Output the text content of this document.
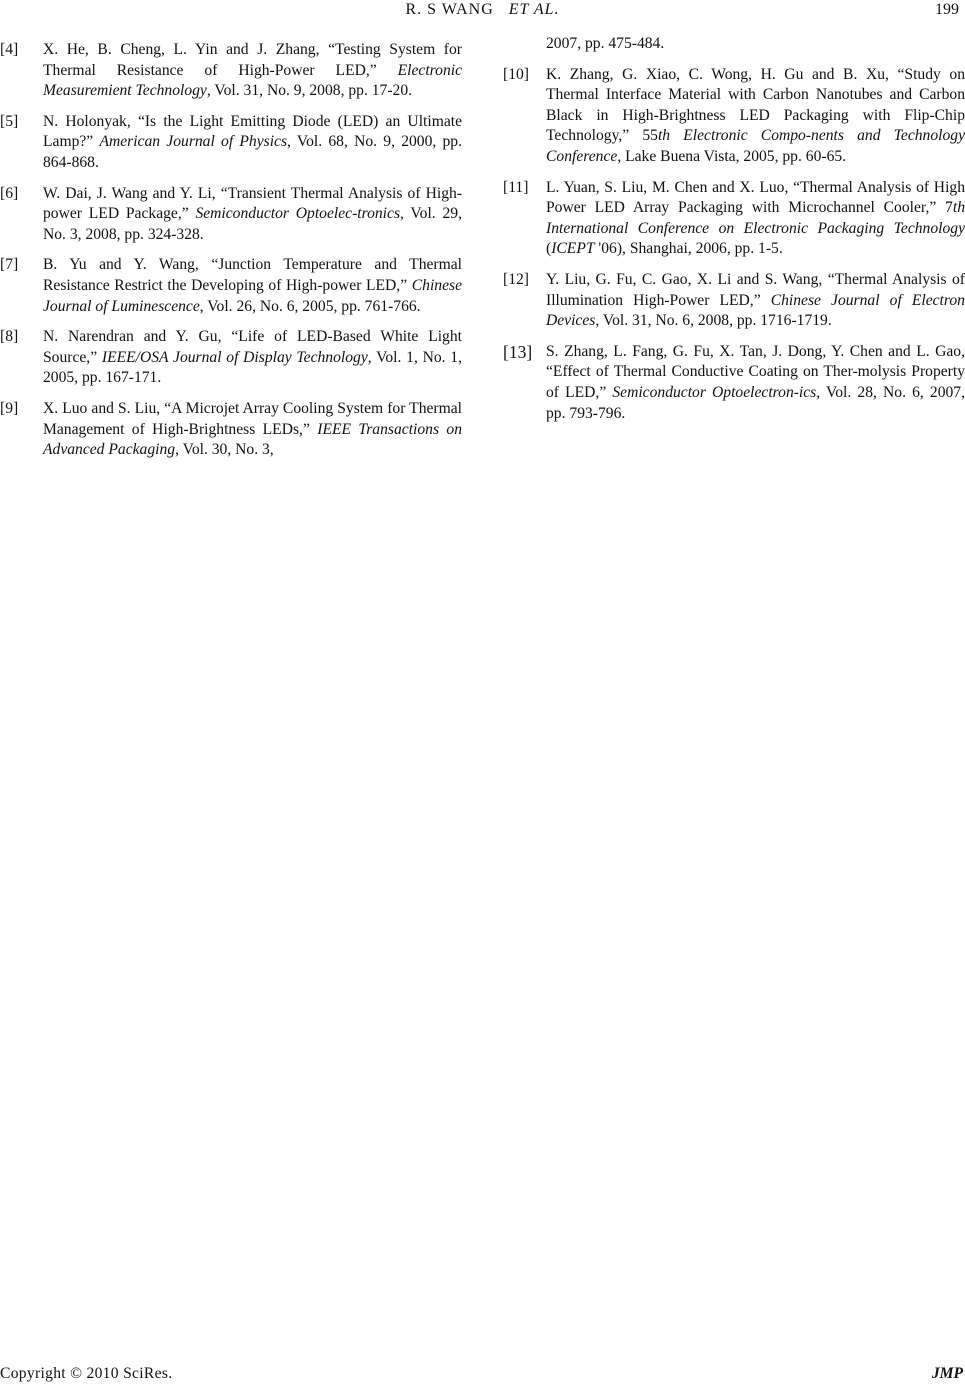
R. S WANG ET AL.	199
[4] X. He, B. Cheng, L. Yin and J. Zhang, “Testing System for Thermal Resistance of High-Power LED,” Electronic Measuremient Technology, Vol. 31, No. 9, 2008, pp. 17-20.
[5] N. Holonyak, “Is the Light Emitting Diode (LED) an Ultimate Lamp?” American Journal of Physics, Vol. 68, No. 9, 2000, pp. 864-868.
[6] W. Dai, J. Wang and Y. Li, “Transient Thermal Analysis of High-power LED Package,” Semiconductor Optoelec-tronics, Vol. 29, No. 3, 2008, pp. 324-328.
[7] B. Yu and Y. Wang, “Junction Temperature and Thermal Resistance Restrict the Developing of High-power LED,” Chinese Journal of Luminescence, Vol. 26, No. 6, 2005, pp. 761-766.
[8] N. Narendran and Y. Gu, “Life of LED-Based White Light Source,” IEEE/OSA Journal of Display Technology, Vol. 1, No. 1, 2005, pp. 167-171.
[9] X. Luo and S. Liu, “A Microjet Array Cooling System for Thermal Management of High-Brightness LEDs,” IEEE Transactions on Advanced Packaging, Vol. 30, No. 3,
2007, pp. 475-484.
[10] K. Zhang, G. Xiao, C. Wong, H. Gu and B. Xu, “Study on Thermal Interface Material with Carbon Nanotubes and Carbon Black in High-Brightness LED Packaging with Flip-Chip Technology,” 55th Electronic Compo-nents and Technology Conference, Lake Buena Vista, 2005, pp. 60-65.
[11] L. Yuan, S. Liu, M. Chen and X. Luo, “Thermal Analysis of High Power LED Array Packaging with Microchannel Cooler,” 7th International Conference on Electronic Packaging Technology (ICEPT '06), Shanghai, 2006, pp. 1-5.
[12] Y. Liu, G. Fu, C. Gao, X. Li and S. Wang, “Thermal Analysis of Illumination High-Power LED,” Chinese Journal of Electron Devices, Vol. 31, No. 6, 2008, pp. 1716-1719.
[13] S. Zhang, L. Fang, G. Fu, X. Tan, J. Dong, Y. Chen and L. Gao, “Effect of Thermal Conductive Coating on Ther-molysis Property of LED,” Semiconductor Optoelectron-ics, Vol. 28, No. 6, 2007, pp. 793-796.
Copyright © 2010 SciRes.	JMP
